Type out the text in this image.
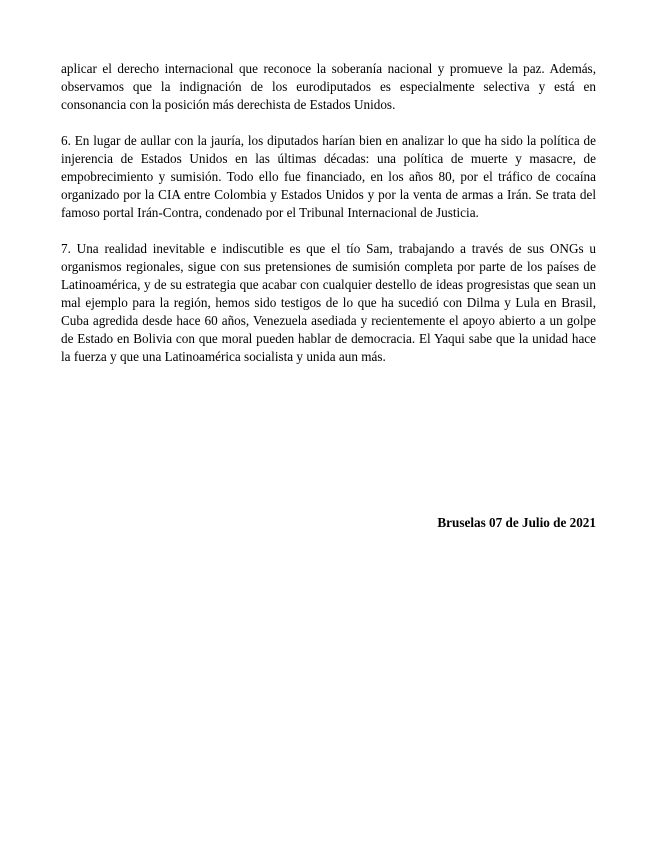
aplicar el derecho internacional que reconoce la soberanía nacional y promueve la paz. Además, observamos que la indignación de los eurodiputados es especialmente selectiva y está en consonancia con la posición más derechista de Estados Unidos.

6. En lugar de aullar con la jauría, los diputados harían bien en analizar lo que ha sido la política de injerencia de Estados Unidos en las últimas décadas: una política de muerte y masacre, de empobrecimiento y sumisión. Todo ello fue financiado, en los años 80, por el tráfico de cocaína organizado por la CIA entre Colombia y Estados Unidos y por la venta de armas a Irán. Se trata del famoso portal Irán-Contra, condenado por el Tribunal Internacional de Justicia.

7. Una realidad inevitable e indiscutible es que el tío Sam, trabajando a través de sus ONGs u organismos regionales, sigue con sus pretensiones de sumisión completa por parte de los países de Latinoamérica, y de su estrategia que acabar con cualquier destello de ideas progresistas que sean un mal ejemplo para la región, hemos sido testigos de lo que ha sucedió con Dilma y Lula en Brasil, Cuba agredida desde hace 60 años, Venezuela asediada y recientemente el apoyo abierto a un golpe de Estado en Bolivia con que moral pueden hablar de democracia. El Yaqui sabe que la unidad hace la fuerza y que una Latinoamérica socialista y unida aun más.

Bruselas 07 de Julio de 2021
